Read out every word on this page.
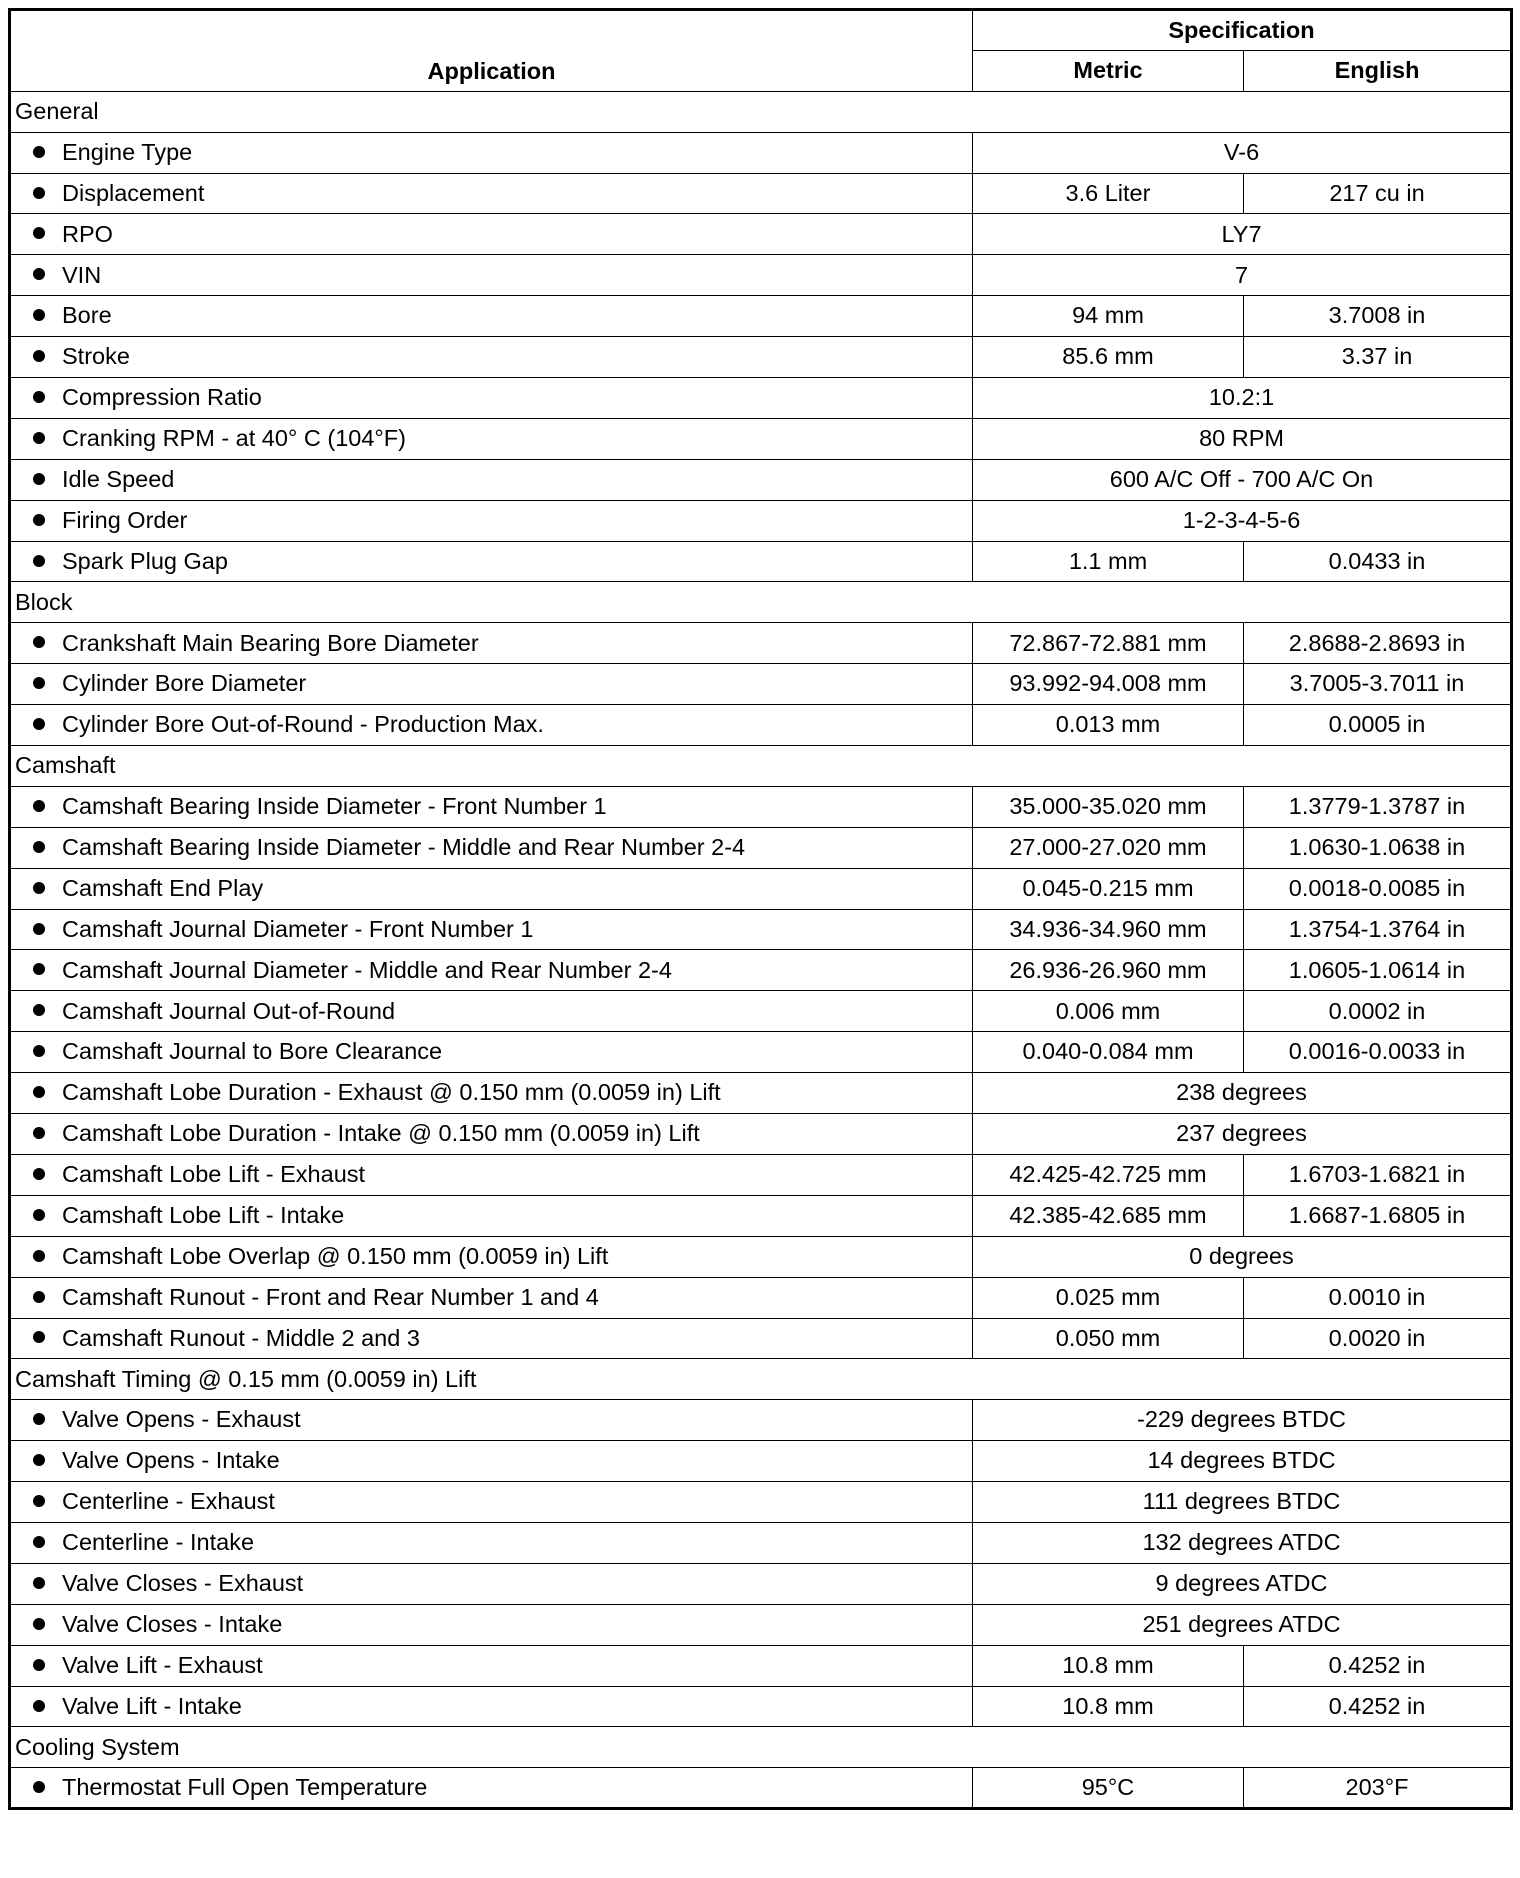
Application	Specification	
	Metric	English
General		
Engine Type	V-6	
Displacement	3.6 Liter	217 cu in
RPO	LY7	
VIN	7	
Bore	94 mm	3.7008 in
Stroke	85.6 mm	3.37 in
Compression Ratio	10.2:1	
Cranking RPM - at 40° C (104°F)	80 RPM	
Idle Speed	600 A/C Off - 700 A/C On	
Firing Order	1-2-3-4-5-6	
Spark Plug Gap	1.1 mm	0.0433 in
Block		
Crankshaft Main Bearing Bore Diameter	72.867-72.881 mm	2.8688-2.8693 in
Cylinder Bore Diameter	93.992-94.008 mm	3.7005-3.7011 in
Cylinder Bore Out-of-Round - Production Max.	0.013 mm	0.0005 in
Camshaft		
Camshaft Bearing Inside Diameter - Front Number 1	35.000-35.020 mm	1.3779-1.3787 in
Camshaft Bearing Inside Diameter - Middle and Rear Number 2-4	27.000-27.020 mm	1.0630-1.0638 in
Camshaft End Play	0.045-0.215 mm	0.0018-0.0085 in
Camshaft Journal Diameter - Front Number 1	34.936-34.960 mm	1.3754-1.3764 in
Camshaft Journal Diameter - Middle and Rear Number 2-4	26.936-26.960 mm	1.0605-1.0614 in
Camshaft Journal Out-of-Round	0.006 mm	0.0002 in
Camshaft Journal to Bore Clearance	0.040-0.084 mm	0.0016-0.0033 in
Camshaft Lobe Duration - Exhaust @ 0.150 mm (0.0059 in) Lift	238 degrees	
Camshaft Lobe Duration - Intake @ 0.150 mm (0.0059 in) Lift	237 degrees	
Camshaft Lobe Lift - Exhaust	42.425-42.725 mm	1.6703-1.6821 in
Camshaft Lobe Lift - Intake	42.385-42.685 mm	1.6687-1.6805 in
Camshaft Lobe Overlap @ 0.150 mm (0.0059 in) Lift	0 degrees	
Camshaft Runout - Front and Rear Number 1 and 4	0.025 mm	0.0010 in
Camshaft Runout - Middle 2 and 3	0.050 mm	0.0020 in
Camshaft Timing @ 0.15 mm (0.0059 in) Lift		
Valve Opens - Exhaust	-229 degrees BTDC	
Valve Opens - Intake	14 degrees BTDC	
Centerline - Exhaust	111 degrees BTDC	
Centerline - Intake	132 degrees ATDC	
Valve Closes - Exhaust	9 degrees ATDC	
Valve Closes - Intake	251 degrees ATDC	
Valve Lift - Exhaust	10.8 mm	0.4252 in
Valve Lift - Intake	10.8 mm	0.4252 in
Cooling System		
Thermostat Full Open Temperature	95°C	203°F
